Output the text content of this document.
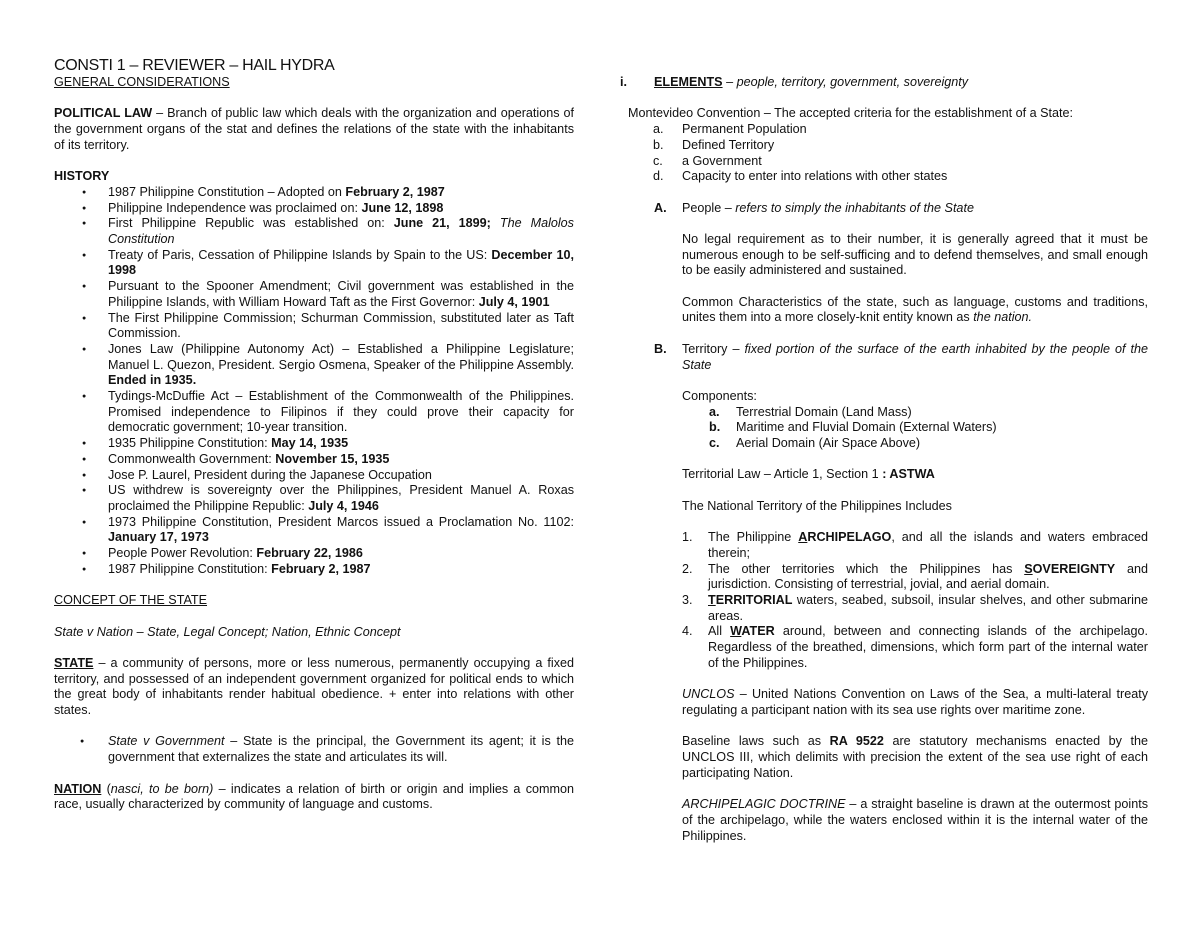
CONSTI 1 – REVIEWER – HAIL HYDRA
GENERAL CONSIDERATIONS
POLITICAL LAW – Branch of public law which deals with the organization and operations of the government organs of the stat and defines the relations of the state with the inhabitants of its territory.
HISTORY
● 1987 Philippine Constitution – Adopted on February 2, 1987
● Philippine Independence was proclaimed on: June 12, 1898
● First Philippine Republic was established on: June 21, 1899; The Malolos Constitution
● Treaty of Paris, Cessation of Philippine Islands by Spain to the US: December 10, 1998
● Pursuant to the Spooner Amendment; Civil government was established in the Philippine Islands, with William Howard Taft as the First Governor: July 4, 1901
● The First Philippine Commission; Schurman Commission, substituted later as Taft Commission.
● Jones Law (Philippine Autonomy Act) – Established a Philippine Legislature; Manuel L. Quezon, President. Sergio Osmena, Speaker of the Philippine Assembly. Ended in 1935.
● Tydings-McDuffie Act – Establishment of the Commonwealth of the Philippines. Promised independence to Filipinos if they could prove their capacity for democratic government; 10-year transition.
● 1935 Philippine Constitution: May 14, 1935
● Commonwealth Government: November 15, 1935
● Jose P. Laurel, President during the Japanese Occupation
● US withdrew is sovereignty over the Philippines, President Manuel A. Roxas proclaimed the Philippine Republic: July 4, 1946
● 1973 Philippine Constitution, President Marcos issued a Proclamation No. 1102: January 17, 1973
● People Power Revolution: February 22, 1986
● 1987 Philippine Constitution: February 2, 1987
CONCEPT OF THE STATE
State v Nation – State, Legal Concept; Nation, Ethnic Concept
STATE – a community of persons, more or less numerous, permanently occupying a fixed territory, and possessed of an independent government organized for political ends to which the great body of inhabitants render habitual obedience. + enter into relations with other states.
● State v Government – State is the principal, the Government its agent; it is the government that externalizes the state and articulates its will.
NATION (nasci, to be born) – indicates a relation of birth or origin and implies a common race, usually characterized by community of language and customs.
i. ELEMENTS – people, territory, government, sovereignty
Montevideo Convention – The accepted criteria for the establishment of a State:
a. Permanent Population
b. Defined Territory
c. a Government
d. Capacity to enter into relations with other states
A. People – refers to simply the inhabitants of the State
No legal requirement as to their number, it is generally agreed that it must be numerous enough to be self-sufficing and to defend themselves, and small enough to be easily administered and sustained.
Common Characteristics of the state, such as language, customs and traditions, unites them into a more closely-knit entity known as the nation.
B. Territory – fixed portion of the surface of the earth inhabited by the people of the State
Components:
a. Terrestrial Domain (Land Mass)
b. Maritime and Fluvial Domain (External Waters)
c. Aerial Domain (Air Space Above)
Territorial Law – Article 1, Section 1 : ASTWA
The National Territory of the Philippines Includes
1. The Philippine ARCHIPELAGO, and all the islands and waters embraced therein;
2. The other territories which the Philippines has SOVEREIGNTY and jurisdiction. Consisting of terrestrial, jovial, and aerial domain.
3. TERRITORIAL waters, seabed, subsoil, insular shelves, and other submarine areas.
4. All WATER around, between and connecting islands of the archipelago. Regardless of the breathed, dimensions, which form part of the internal water of the Philippines.
UNCLOS – United Nations Convention on Laws of the Sea, a multi-lateral treaty regulating a participant nation with its sea use rights over maritime zone.
Baseline laws such as RA 9522 are statutory mechanisms enacted by the UNCLOS III, which delimits with precision the extent of the sea use right of each participating Nation.
ARCHIPELAGIC DOCTRINE – a straight baseline is drawn at the outermost points of the archipelago, while the waters enclosed within it is the internal water of the Philippines.
